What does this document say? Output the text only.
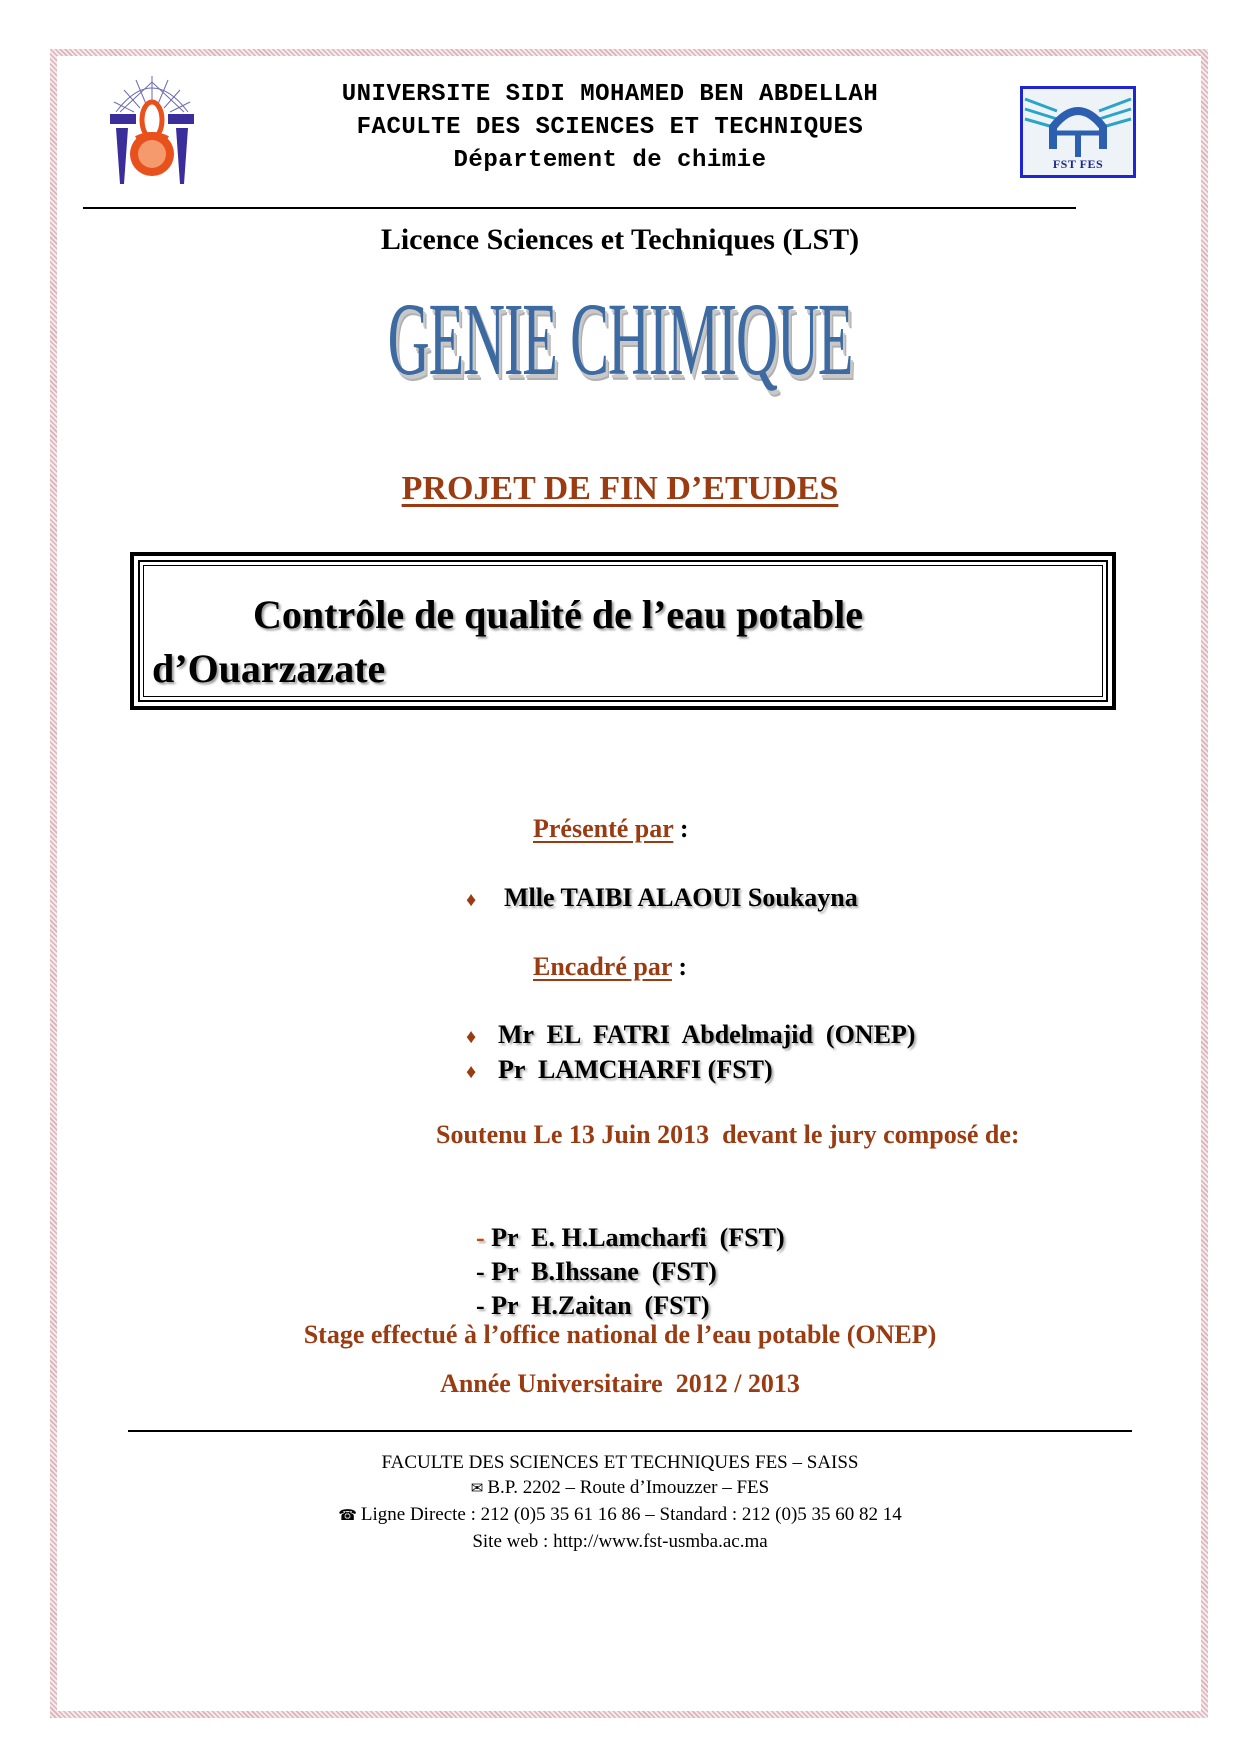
UNIVERSITE SIDI MOHAMED BEN ABDELLAH
FACULTE DES SCIENCES ET TECHNIQUES
Département de chimie	FST FES
Licence Sciences et Techniques (LST)
GENIE CHIMIQUE
PROJET DE FIN D’ETUDES
Contrôle de qualité de l’eau potable
d’Ouarzazate
Présenté par :
♦ Mlle TAIBI ALAOUI Soukayna
Encadré par :
♦ Mr  EL  FATRI  Abdelmajid  (ONEP)
♦ Pr  LAMCHARFI (FST)
Soutenu Le 13 Juin 2013  devant le jury composé de:

- Pr  E. H.Lamcharfi  (FST)

- Pr  B.Ihssane  (FST)

- Pr  H.Zaitan  (FST)

Stage effectué à l’office national de l’eau potable (ONEP)
Année Universitaire  2012 / 2013
FACULTE DES SCIENCES ET TECHNIQUES FES – SAISS
✉ B.P. 2202 – Route d’Imouzzer – FES
☎ Ligne Directe : 212 (0)5 35 61 16 86 – Standard : 212 (0)5 35 60 82 14
Site web : http://www.fst-usmba.ac.ma
